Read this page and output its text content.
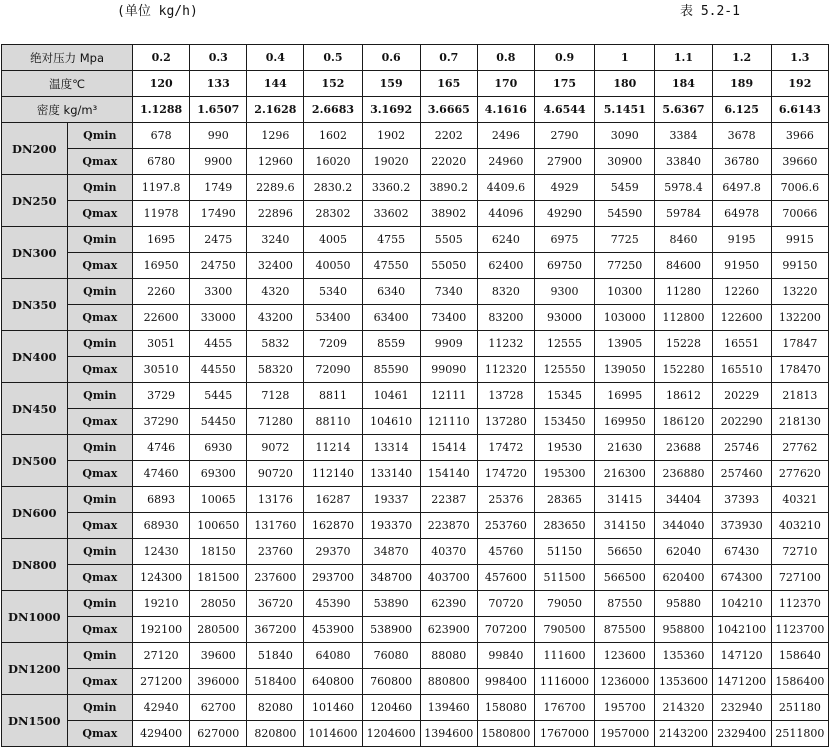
(单位 kg/h)	表 5.2-1
绝对压力 Mpa		0.2	0.3	0.4	0.5	0.6	0.7	0.8	0.9	1	1.1	1.2	1.3
温度℃		120	133	144	152	159	165	170	175	180	184	189	192
密度 kg/m³		1.1288	1.6507	2.1628	2.6683	3.1692	3.6665	4.1616	4.6544	5.1451	5.6367	6.125	6.6143
DN200	Qmin	678	990	1296	1602	1902	2202	2496	2790	3090	3384	3678	3966
	Qmax	6780	9900	12960	16020	19020	22020	24960	27900	30900	33840	36780	39660
DN250	Qmin	1197.8	1749	2289.6	2830.2	3360.2	3890.2	4409.6	4929	5459	5978.4	6497.8	7006.6
	Qmax	11978	17490	22896	28302	33602	38902	44096	49290	54590	59784	64978	70066
DN300	Qmin	1695	2475	3240	4005	4755	5505	6240	6975	7725	8460	9195	9915
	Qmax	16950	24750	32400	40050	47550	55050	62400	69750	77250	84600	91950	99150
DN350	Qmin	2260	3300	4320	5340	6340	7340	8320	9300	10300	11280	12260	13220
	Qmax	22600	33000	43200	53400	63400	73400	83200	93000	103000	112800	122600	132200
DN400	Qmin	3051	4455	5832	7209	8559	9909	11232	12555	13905	15228	16551	17847
	Qmax	30510	44550	58320	72090	85590	99090	112320	125550	139050	152280	165510	178470
DN450	Qmin	3729	5445	7128	8811	10461	12111	13728	15345	16995	18612	20229	21813
	Qmax	37290	54450	71280	88110	104610	121110	137280	153450	169950	186120	202290	218130
DN500	Qmin	4746	6930	9072	11214	13314	15414	17472	19530	21630	23688	25746	27762
	Qmax	47460	69300	90720	112140	133140	154140	174720	195300	216300	236880	257460	277620
DN600	Qmin	6893	10065	13176	16287	19337	22387	25376	28365	31415	34404	37393	40321
	Qmax	68930	100650	131760	162870	193370	223870	253760	283650	314150	344040	373930	403210
DN800	Qmin	12430	18150	23760	29370	34870	40370	45760	51150	56650	62040	67430	72710
	Qmax	124300	181500	237600	293700	348700	403700	457600	511500	566500	620400	674300	727100
DN1000	Qmin	19210	28050	36720	45390	53890	62390	70720	79050	87550	95880	104210	112370
	Qmax	192100	280500	367200	453900	538900	623900	707200	790500	875500	958800	1042100	1123700
DN1200	Qmin	27120	39600	51840	64080	76080	88080	99840	111600	123600	135360	147120	158640
	Qmax	271200	396000	518400	640800	760800	880800	998400	1116000	1236000	1353600	1471200	1586400
DN1500	Qmin	42940	62700	82080	101460	120460	139460	158080	176700	195700	214320	232940	251180
	Qmax	429400	627000	820800	1014600	1204600	1394600	1580800	1767000	1957000	2143200	2329400	2511800
